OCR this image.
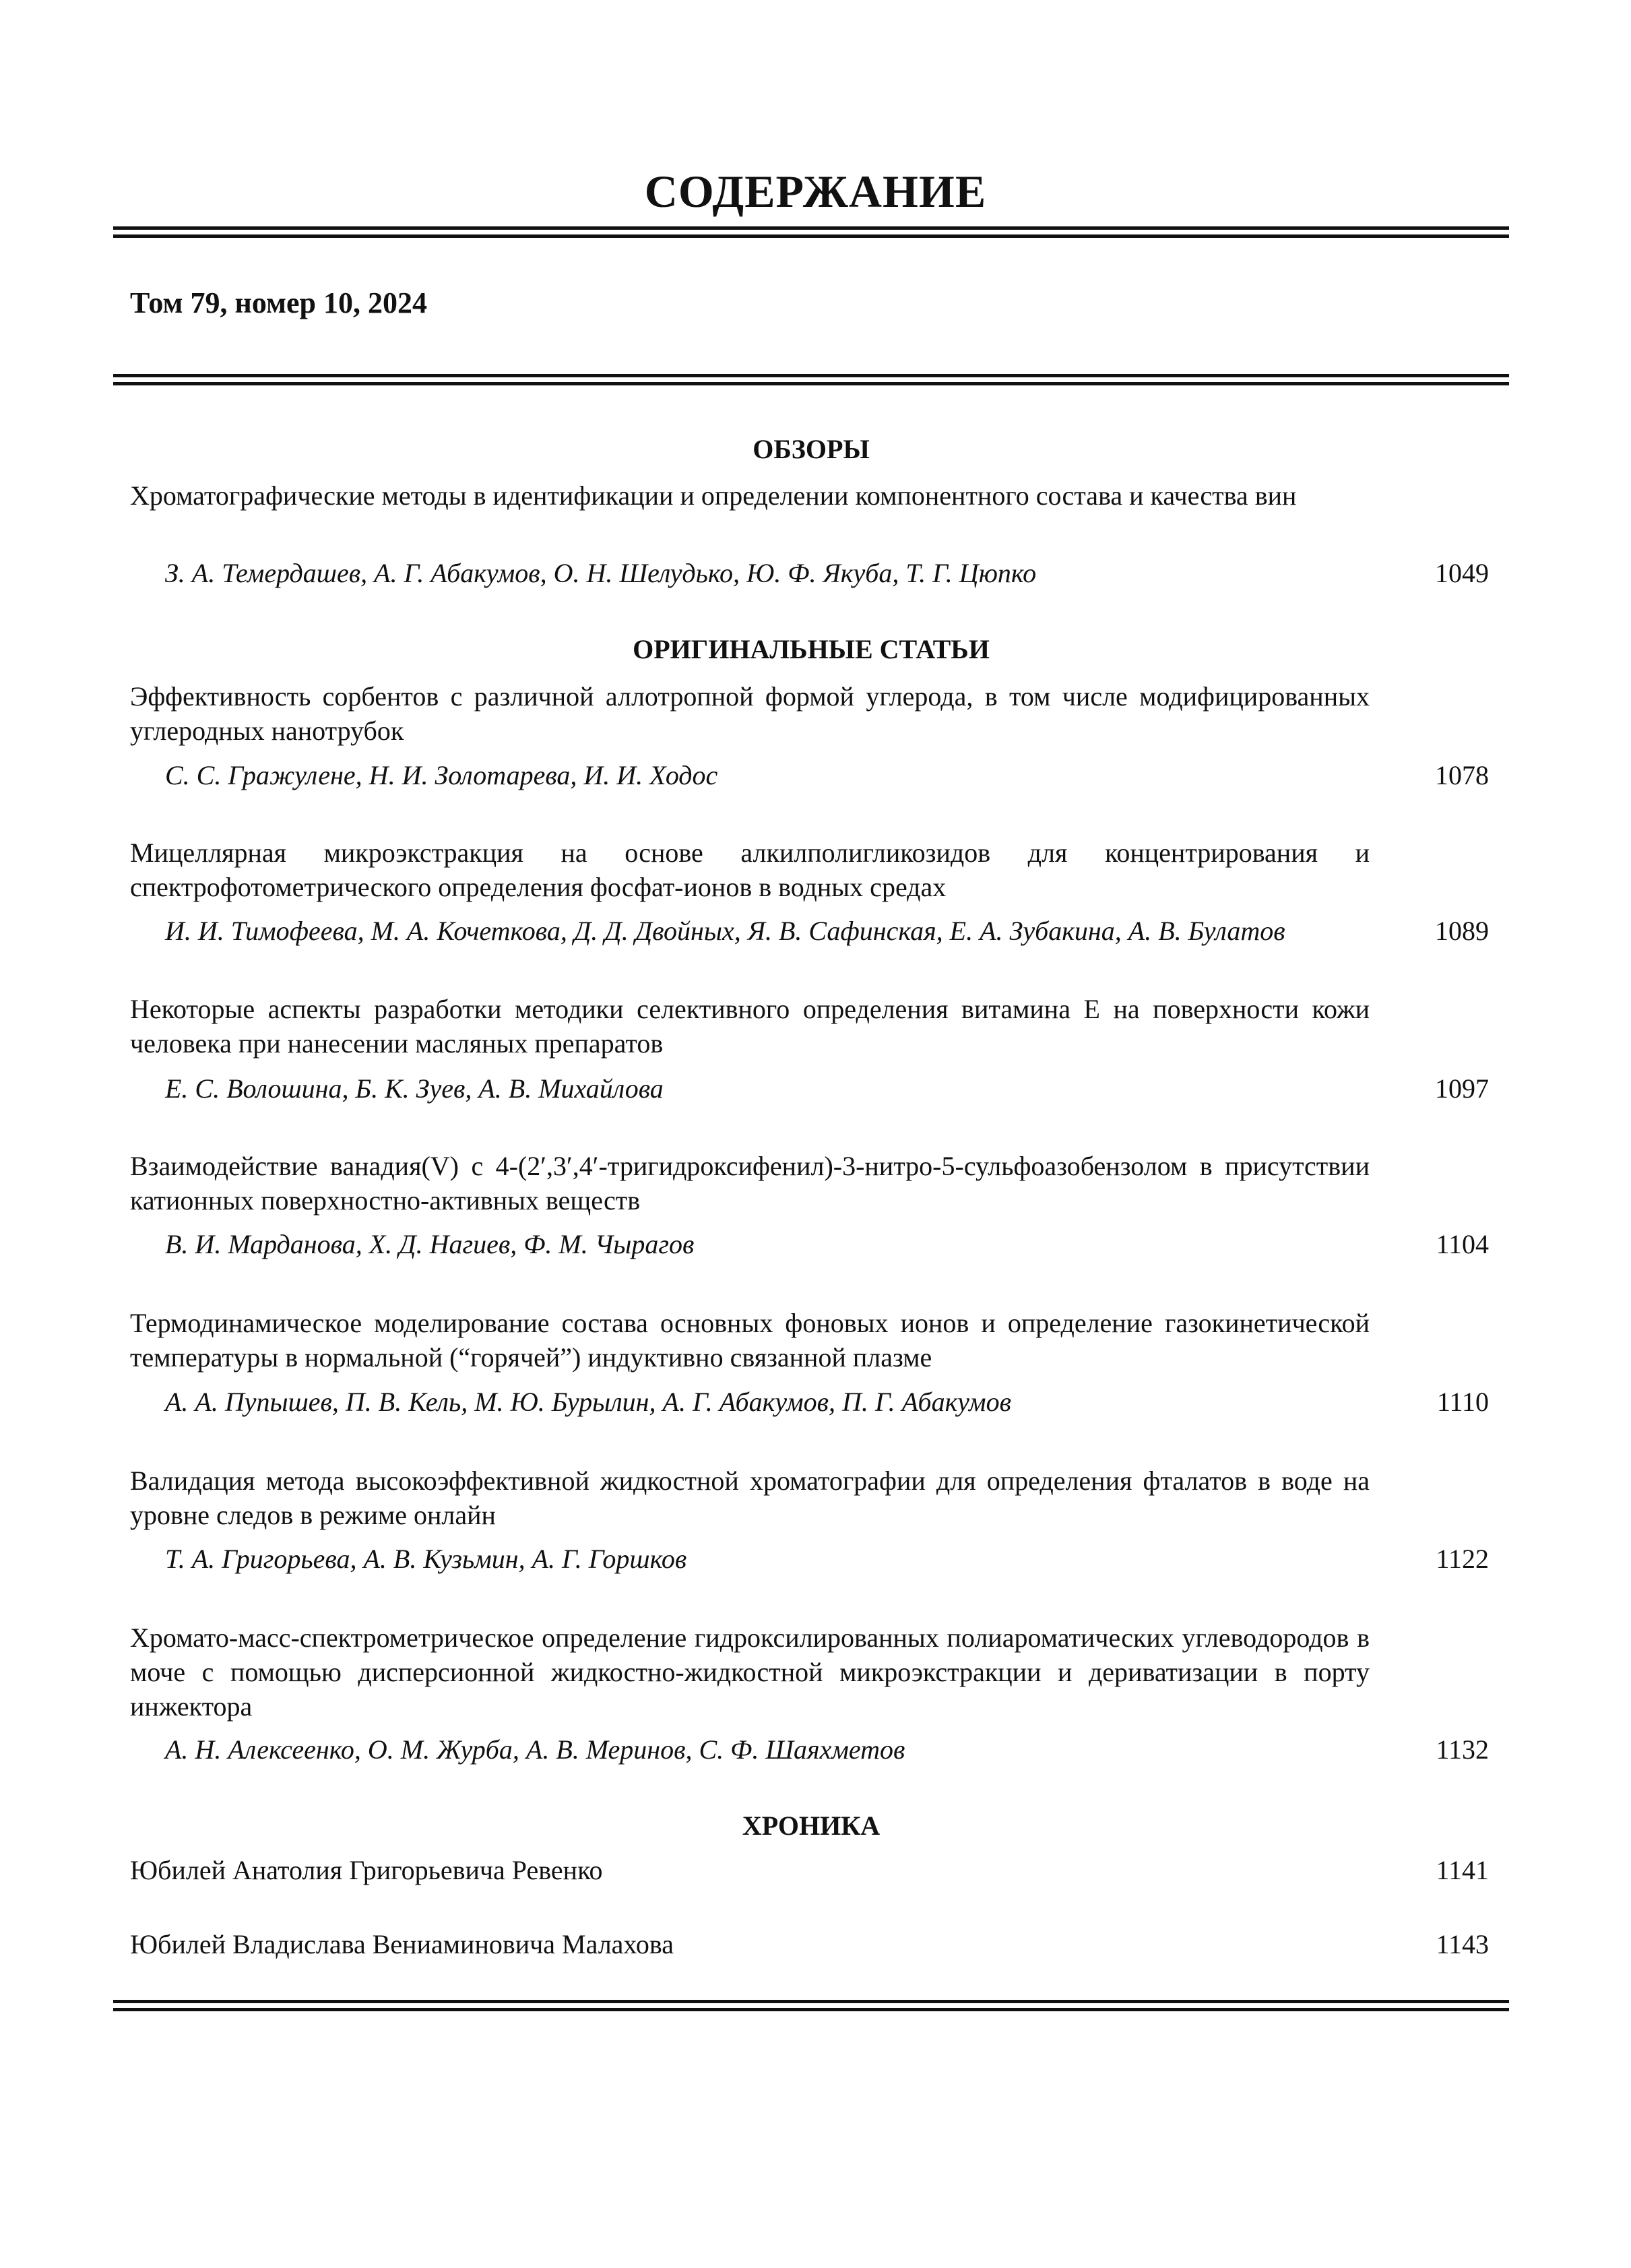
СОДЕРЖАНИЕ
Том 79, номер 10, 2024
ОБЗОРЫ
Хроматографические методы в идентификации и определении компонентного состава и качества вин
З. А. Темердашев, А. Г. Абакумов, О. Н. Шелудько, Ю. Ф. Якуба, Т. Г. Цюпко	1049
ОРИГИНАЛЬНЫЕ СТАТЬИ
Эффективность сорбентов с различной аллотропной формой углерода, в том числе модифицированных углеродных нанотрубок
С. С. Гражулене, Н. И. Золотарева, И. И. Ходос	1078
Мицеллярная микроэкстракция на основе алкилполигликозидов для концентрирования и спектрофотометрического определения фосфат-ионов в водных средах
И. И. Тимофеева, М. А. Кочеткова, Д. Д. Двойных, Я. В. Сафинская, Е. А. Зубакина, А. В. Булатов	1089
Некоторые аспекты разработки методики селективного определения витамина Е на поверхности кожи человека при нанесении масляных препаратов
Е. С. Волошина, Б. К. Зуев, А. В. Михайлова	1097
Взаимодействие ванадия(V) с 4-(2′,3′,4′-тригидроксифенил)-3-нитро-5-сульфоазобензолом в присутствии катионных поверхностно-активных веществ
В. И. Марданова, Х. Д. Нагиев, Ф. М. Чырагов	1104
Термодинамическое моделирование состава основных фоновых ионов и определение газокинетической температуры в нормальной (“горячей”) индуктивно связанной плазме
А. А. Пупышев, П. В. Кель, М. Ю. Бурылин, А. Г. Абакумов, П. Г. Абакумов	1110
Валидация метода высокоэффективной жидкостной хроматографии для определения фталатов в воде на уровне следов в режиме онлайн
Т. А. Григорьева, А. В. Кузьмин, А. Г. Горшков	1122
Хромато-масс-спектрометрическое определение гидроксилированных полиароматических углеводородов в моче с помощью дисперсионной жидкостно-жидкостной микроэкстракции и дериватизации в порту инжектора
А. Н. Алексеенко, О. М. Журба, А. В. Меринов, С. Ф. Шаяхметов	1132
ХРОНИКА
Юбилей Анатолия Григорьевича Ревенко	1141
Юбилей Владислава Вениаминовича Малахова	1143
